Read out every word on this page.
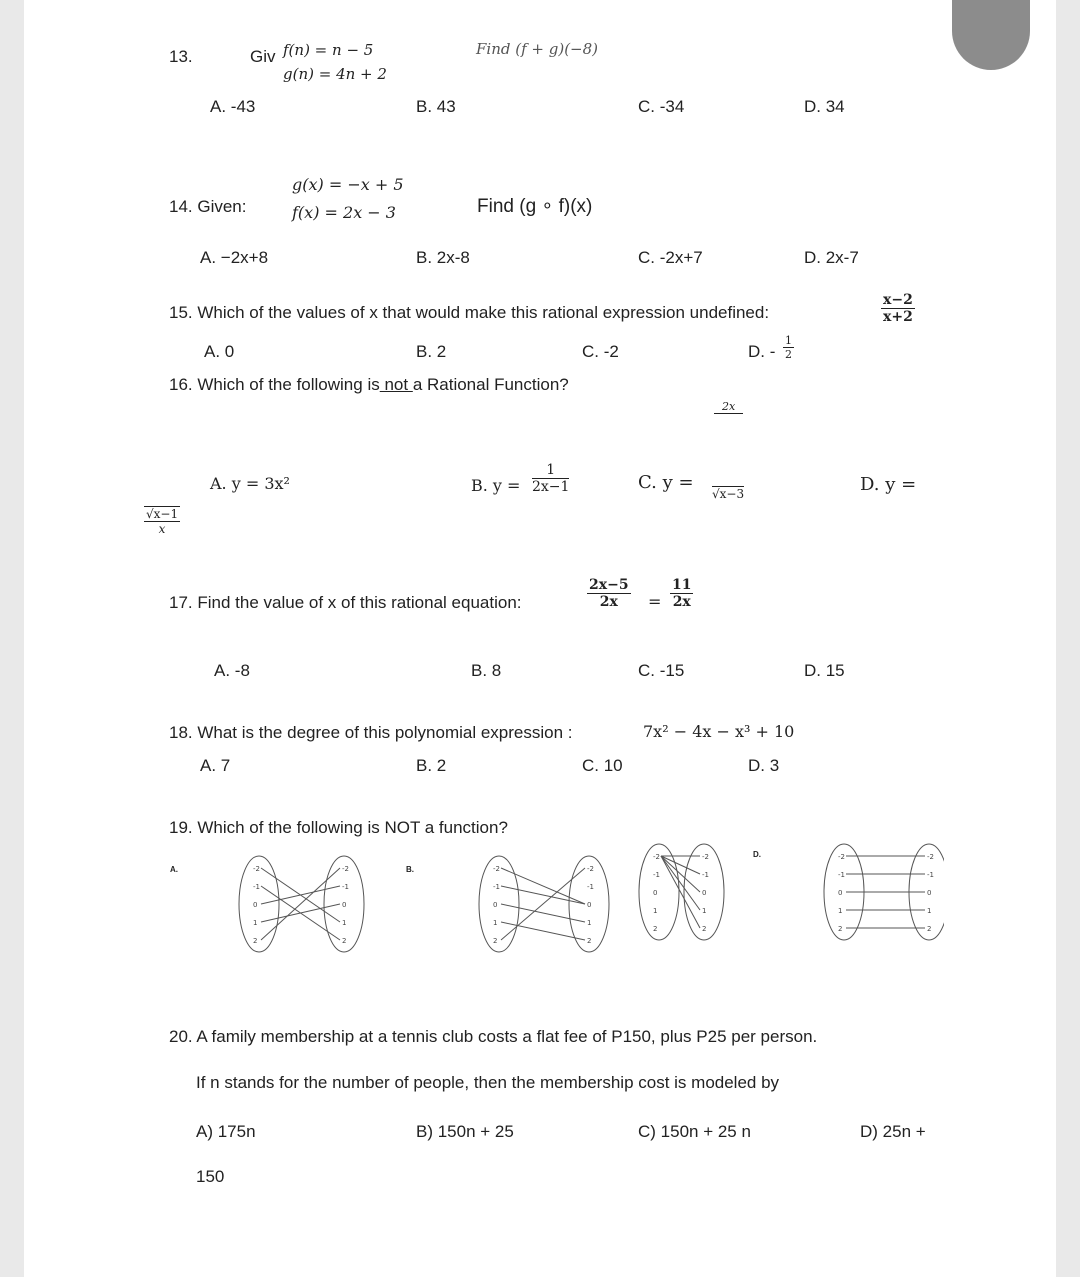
13.	Giv f(n) = n − 5
g(n) = 4n + 2
Find (f + g)(−8)
A. -43	B. 43	C. -34	D. 34
14. Given:
g(x) = −x + 5
f(x) = 2x − 3	Find (g ∘ f)(x)
A. −2x+8	B. 2x-8	C. -2x+7	D. 2x-7
15. Which of the values of x that would make this rational expression undefined:	$\frac{x-2}{x+2}$
A. 0	B. 2	C. -2	D. - $\frac{1}{2}$
16. Which of the following is not a Rational Function?
A. y = 3x²	B. $y = \frac{1}{2x-1}$	C. y =
2x
√x−3	D. y =
$\frac{√x-1}{x}$
17. Find the value of x of this rational equation:	$\frac{2x-5}{2x} = \frac{11}{2x}$
A. -8	B. 8	C. -15	D. 15
18. What is the degree of this polynomial expression :	7x² − 4x − x³ + 10
A. 7	B. 2	C. 10	D. 3
19. Which of the following is NOT a function?
A.	B.
D.
-2	-2
-1	-1
0	0
1	1
2	2
-2	-2
-1	-1
0	0
1	1
2	2
-2	-2
-1	-1
0	0
1	1
2	2
-2	-2
-1	-1
0	0
1	1
2	2
20. A family membership at a tennis club costs a flat fee of P150, plus P25 per person.
If n stands for the number of people, then the membership cost is modeled by
A) 175n	B) 150n + 25	C) 150n + 25 n	D) 25n +
150
